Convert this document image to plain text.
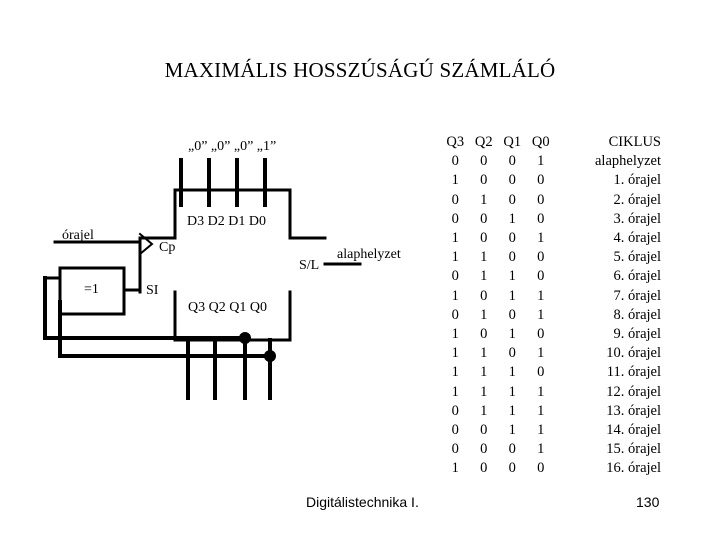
MAXIMÁLIS HOSSZÚSÁGÚ SZÁMLÁLÓ
„0” „0” „0” „1”
D3 D2 D1 D0
órajel
Cp
=1	SI
S/L
alaphelyzet
Q3 Q2 Q1 Q0
Q3	Q2	Q1	Q0	CIKLUS
0	0	0	1	alaphelyzet
1	0	0	0	1. órajel
0	1	0	0	2. órajel
0	0	1	0	3. órajel
1	0	0	1	4. órajel
1	1	0	0	5. órajel
0	1	1	0	6. órajel
1	0	1	1	7. órajel
0	1	0	1	8. órajel
1	0	1	0	9. órajel
1	1	0	1	10. órajel
1	1	1	0	11. órajel
1	1	1	1	12. órajel
0	1	1	1	13. órajel
0	0	1	1	14. órajel
0	0	0	1	15. órajel
1	0	0	0	16. órajel
Digitálistechnika I.	130
